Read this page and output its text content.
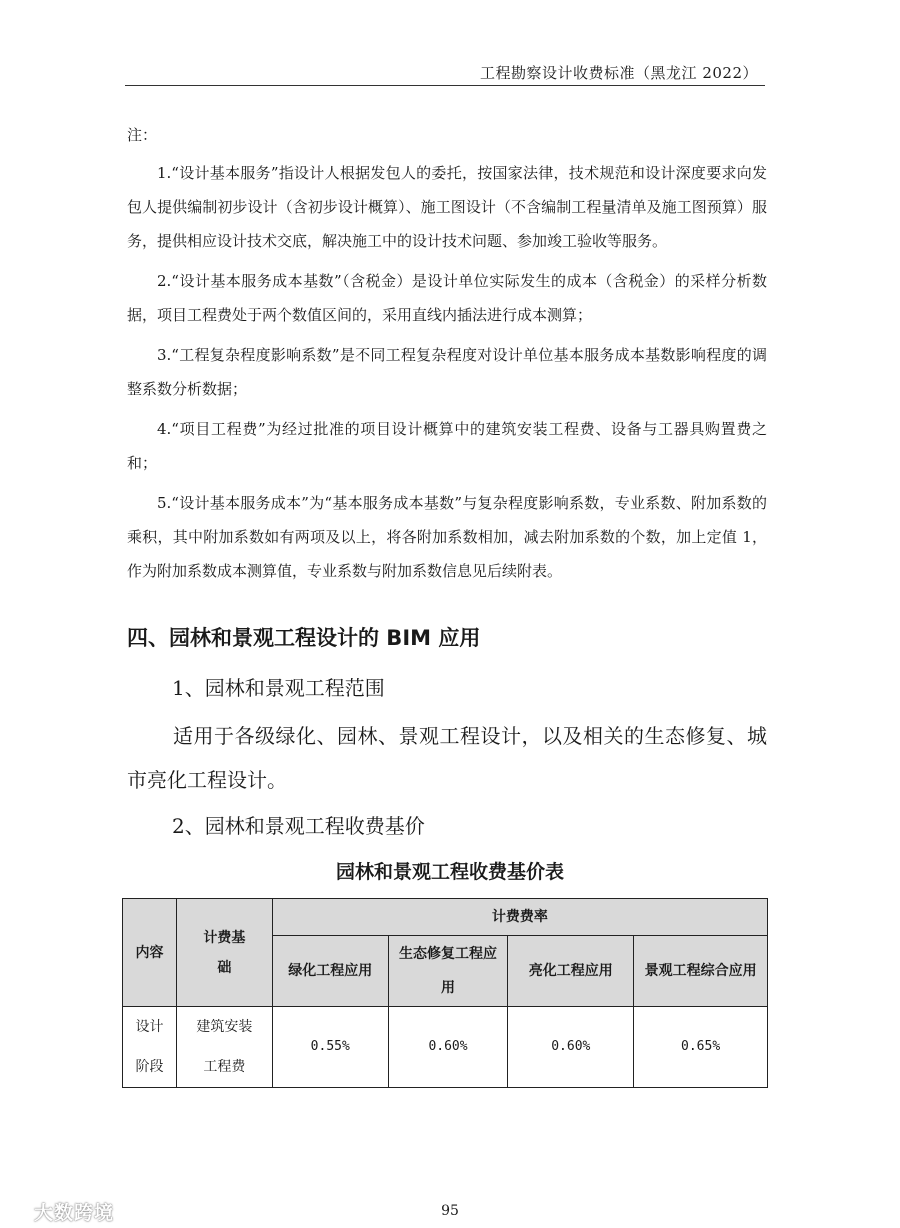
工程勘察设计收费标准（黑龙江 2022）

注：

1.“设计基本服务”指设计人根据发包人的委托，按国家法律，技术规范和设计深度要求向发包人提供编制初步设计（含初步设计概算）、施工图设计（不含编制工程量清单及施工图预算）服务，提供相应设计技术交底，解决施工中的设计技术问题、参加竣工验收等服务。

2.“设计基本服务成本基数”（含税金）是设计单位实际发生的成本（含税金）的采样分析数据，项目工程费处于两个数值区间的，采用直线内插法进行成本测算；

3.“工程复杂程度影响系数”是不同工程复杂程度对设计单位基本服务成本基数影响程度的调整系数分析数据；

4.“项目工程费”为经过批准的项目设计概算中的建筑安装工程费、设备与工器具购置费之和；

5.“设计基本服务成本”为“基本服务成本基数”与复杂程度影响系数，专业系数、附加系数的乘积，其中附加系数如有两项及以上，将各附加系数相加，减去附加系数的个数，加上定值 1，作为附加系数成本测算值，专业系数与附加系数信息见后续附表。

四、园林和景观工程设计的 BIM 应用
1、园林和景观工程范围

适用于各级绿化、园林、景观工程设计，以及相关的生态修复、城市亮化工程设计。

2、园林和景观工程收费基价
园林和景观工程收费基价表
内容	计费基础	计费费率			
		绿化工程应用	生态修复工程应用	亮化工程应用	景观工程综合应用
设计阶段	建筑安装工程费	0.55%	0.60%	0.60%	0.65%
95
大数跨境
